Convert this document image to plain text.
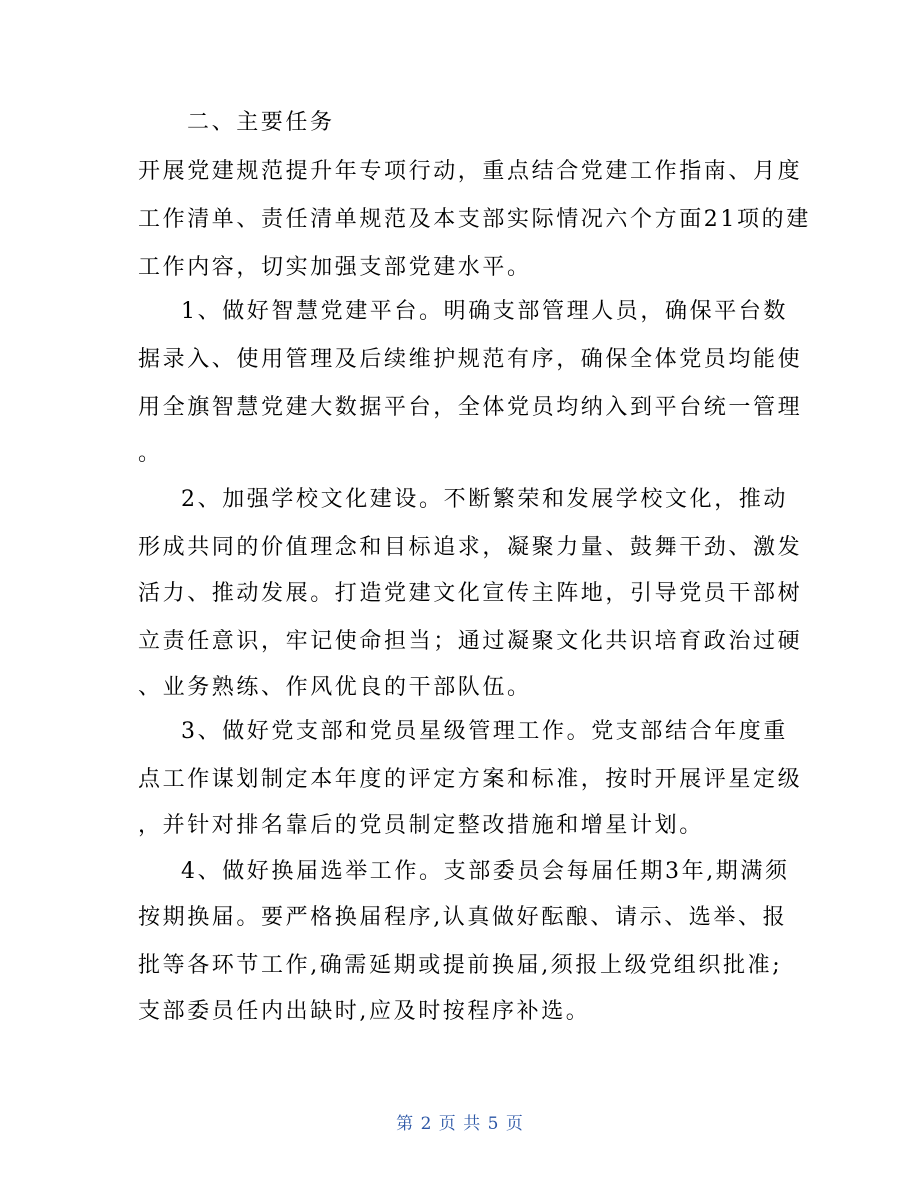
二、主要任务
开展党建规范提升年专项行动，重点结合党建工作指南、月度
工作清单、责任清单规范及本支部实际情况六个方面21项的建
工作内容，切实加强支部党建水平。
1、做好智慧党建平台。明确支部管理人员，确保平台数
据录入、使用管理及后续维护规范有序，确保全体党员均能使
用全旗智慧党建大数据平台，全体党员均纳入到平台统一管理
。
2、加强学校文化建设。不断繁荣和发展学校文化，推动
形成共同的价值理念和目标追求，凝聚力量、鼓舞干劲、激发
活力、推动发展。打造党建文化宣传主阵地，引导党员干部树
立责任意识，牢记使命担当；通过凝聚文化共识培育政治过硬
、业务熟练、作风优良的干部队伍。
3、做好党支部和党员星级管理工作。党支部结合年度重
点工作谋划制定本年度的评定方案和标准，按时开展评星定级
，并针对排名靠后的党员制定整改措施和增星计划。
4、做好换届选举工作。支部委员会每届任期3年,期满须
按期换届。要严格换届程序,认真做好酝酿、请示、选举、报
批等各环节工作,确需延期或提前换届,须报上级党组织批准;
支部委员任内出缺时,应及时按程序补选。
第 2 页 共 5 页
